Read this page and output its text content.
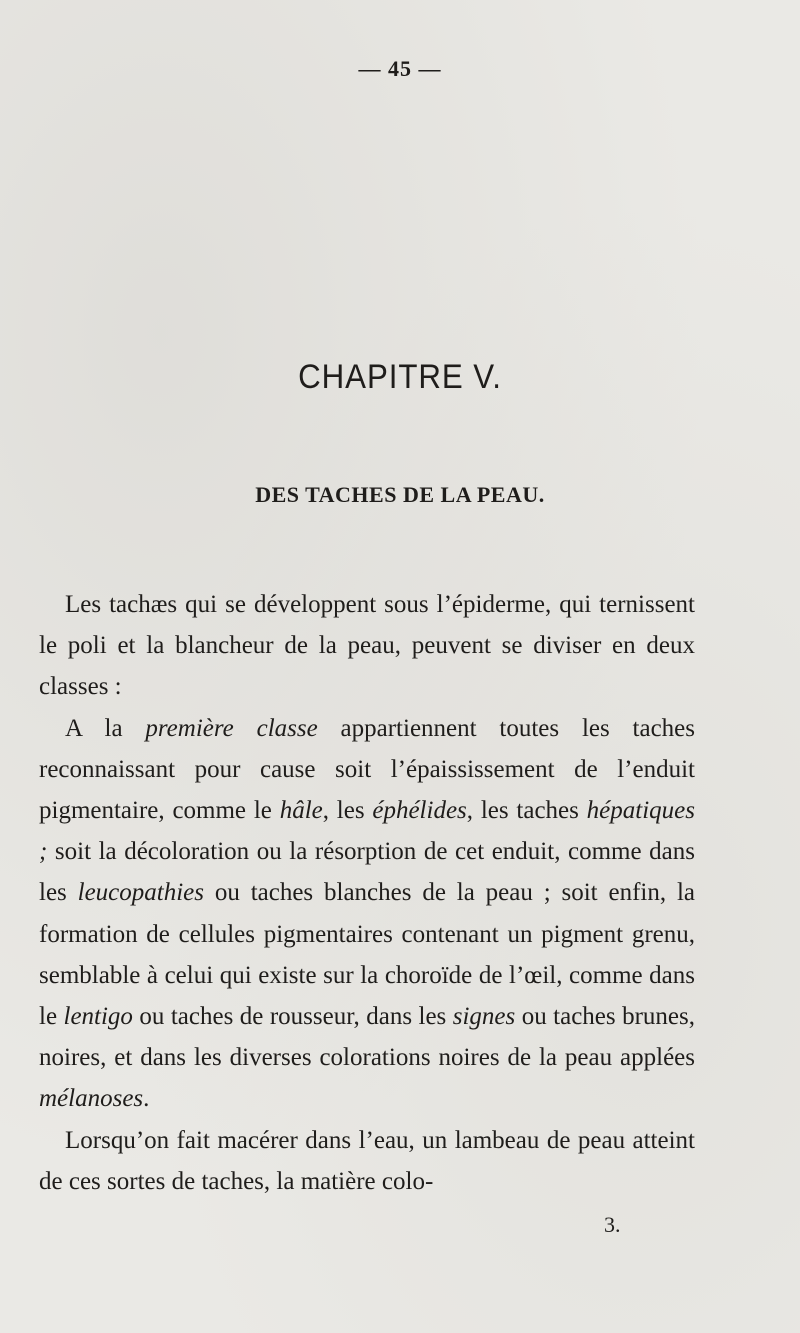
— 45 —
CHAPITRE V.
DES TACHES DE LA PEAU.

Les tachæs qui se développent sous l’épiderme, qui ternissent le poli et la blancheur de la peau, peuvent se diviser en deux classes :

A la première classe appartiennent toutes les taches reconnaissant pour cause soit l’épaississement de l’enduit pigmentaire, comme le hâle, les éphélides, les taches hépatiques ; soit la décoloration ou la résorption de cet enduit, comme dans les leucopathies ou taches blanches de la peau ; soit enfin, la formation de cellules pigmentaires contenant un pigment grenu, semblable à celui qui existe sur la choroïde de l’œil, comme dans le lentigo ou taches de rousseur, dans les signes ou taches brunes, noires, et dans les diverses colorations noires de la peau applées mélanoses.

Lorsqu’on fait macérer dans l’eau, un lambeau de peau atteint de ces sortes de taches, la matière colo-

3.
